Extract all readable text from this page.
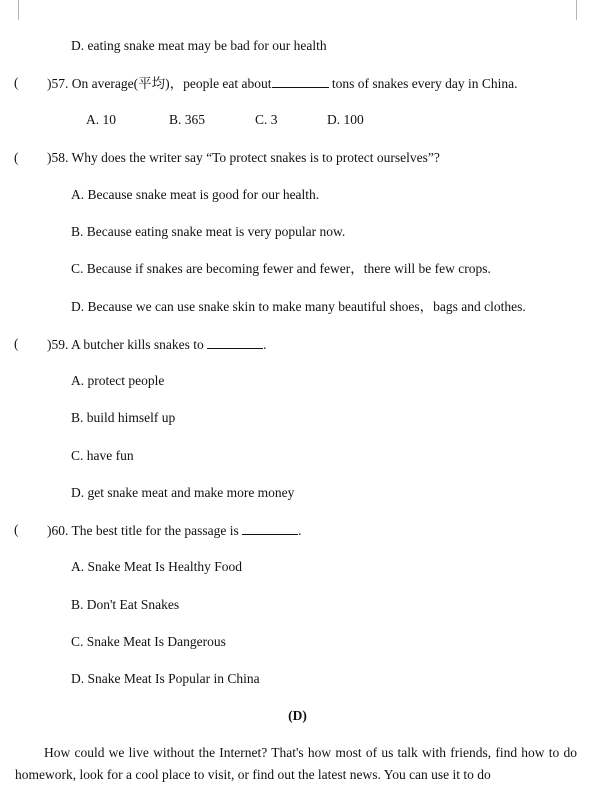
D. eating snake meat may be bad for our health
( )57. On average(平均)，people eat about	tons of snakes every day in China.
A. 10	B. 365	C. 3	D. 100
( )58. Why does the writer say “To protect snakes is to protect ourselves”?
A. Because snake meat is good for our health.
B. Because eating snake meat is very popular now.
C. Because if snakes are becoming fewer and fewer，there will be few crops.
D. Because we can use snake skin to make many beautiful shoes，bags and clothes.
( )59. A butcher kills snakes to	.
A. protect people
B. build himself up
C. have fun
D. get snake meat and make more money
( )60. The best title for the passage is	.
A. Snake Meat Is Healthy Food
B. Don't Eat Snakes
C. Snake Meat Is Dangerous
D. Snake Meat Is Popular in China
(D)
How could we live without the Internet? That's how most of us talk with friends, find how to do homework, look for a cool place to visit, or find out the latest news. You can use it to do
